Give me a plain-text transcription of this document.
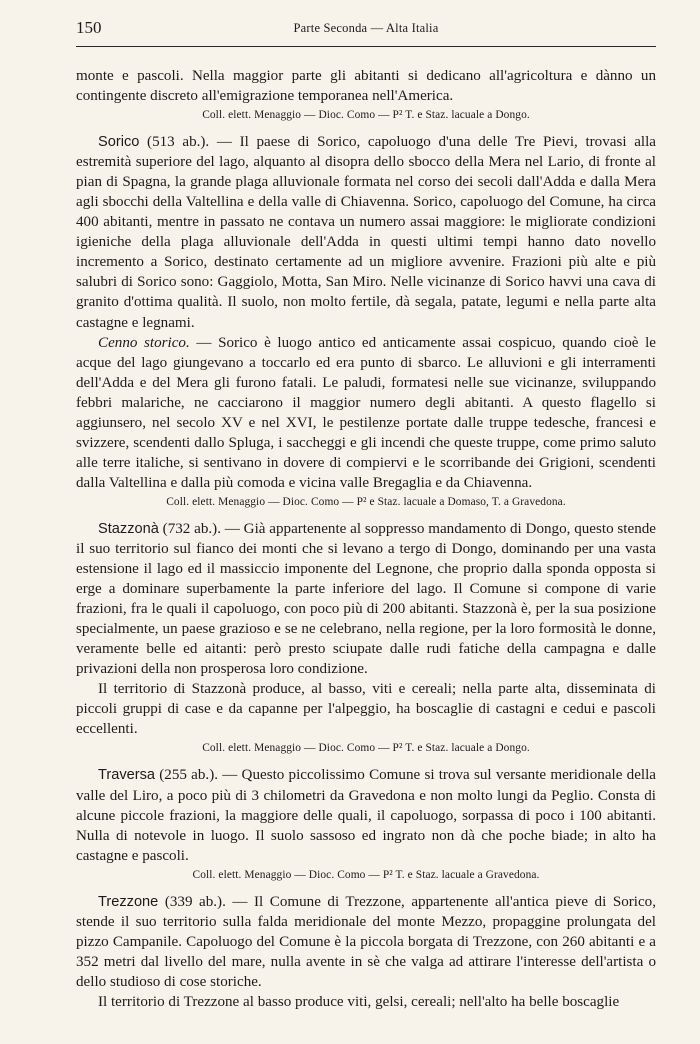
150	Parte Seconda — Alta Italia

monte e pascoli. Nella maggior parte gli abitanti si dedicano all'agricoltura e dànno un contingente discreto all'emigrazione temporanea nell'America.

Coll. elett. Menaggio — Dioc. Como — P² T. e Staz. lacuale a Dongo.

Sorico (513 ab.). — Il paese di Sorico, capoluogo d'una delle Tre Pievi, trovasi alla estremità superiore del lago, alquanto al disopra dello sbocco della Mera nel Lario, di fronte al pian di Spagna, la grande plaga alluvionale formata nel corso dei secoli dall'Adda e dalla Mera agli sbocchi della Valtellina e della valle di Chiavenna. Sorico, capoluogo del Comune, ha circa 400 abitanti, mentre in passato ne contava un numero assai maggiore: le migliorate condizioni igieniche della plaga alluvionale dell'Adda in questi ultimi tempi hanno dato novello incremento a Sorico, destinato certamente ad un migliore avvenire. Frazioni più alte e più salubri di Sorico sono: Gaggiolo, Motta, San Miro. Nelle vicinanze di Sorico havvi una cava di granito d'ottima qualità. Il suolo, non molto fertile, dà segala, patate, legumi e nella parte alta castagne e legnami.

Cenno storico. — Sorico è luogo antico ed anticamente assai cospicuo, quando cioè le acque del lago giungevano a toccarlo ed era punto di sbarco. Le alluvioni e gli interramenti dell'Adda e del Mera gli furono fatali. Le paludi, formatesi nelle sue vicinanze, sviluppando febbri malariche, ne cacciarono il maggior numero degli abitanti. A questo flagello si aggiunsero, nel secolo XV e nel XVI, le pestilenze portate dalle truppe tedesche, francesi e svizzere, scendenti dallo Spluga, i saccheggi e gli incendi che queste truppe, come primo saluto alle terre italiche, si sentivano in dovere di compiervi e le scorribande dei Grigioni, scendenti dalla Valtellina e dalla più comoda e vicina valle Bregaglia e da Chiavenna.

Coll. elett. Menaggio — Dioc. Como — P² e Staz. lacuale a Domaso, T. a Gravedona.

Stazzonà (732 ab.). — Già appartenente al soppresso mandamento di Dongo, questo stende il suo territorio sul fianco dei monti che si levano a tergo di Dongo, dominando per una vasta estensione il lago ed il massiccio imponente del Legnone, che proprio dalla sponda opposta si erge a dominare superbamente la parte inferiore del lago. Il Comune si compone di varie frazioni, fra le quali il capoluogo, con poco più di 200 abitanti. Stazzonà è, per la sua posizione specialmente, un paese grazioso e se ne celebrano, nella regione, per la loro formosità le donne, veramente belle ed aitanti: però presto sciupate dalle rudi fatiche della campagna e dalle privazioni della non prosperosa loro condizione.

Il territorio di Stazzonà produce, al basso, viti e cereali; nella parte alta, disseminata di piccoli gruppi di case e da capanne per l'alpeggio, ha boscaglie di castagni e cedui e pascoli eccellenti.

Coll. elett. Menaggio — Dioc. Como — P² T. e Staz. lacuale a Dongo.

Traversa (255 ab.). — Questo piccolissimo Comune si trova sul versante meridionale della valle del Liro, a poco più di 3 chilometri da Gravedona e non molto lungi da Peglio. Consta di alcune piccole frazioni, la maggiore delle quali, il capoluogo, sorpassa di poco i 100 abitanti. Nulla di notevole in luogo. Il suolo sassoso ed ingrato non dà che poche biade; in alto ha castagne e pascoli.

Coll. elett. Menaggio — Dioc. Como — P² T. e Staz. lacuale a Gravedona.

Trezzone (339 ab.). — Il Comune di Trezzone, appartenente all'antica pieve di Sorico, stende il suo territorio sulla falda meridionale del monte Mezzo, propaggine prolungata del pizzo Campanile. Capoluogo del Comune è la piccola borgata di Trezzone, con 260 abitanti e a 352 metri dal livello del mare, nulla avente in sè che valga ad attirare l'interesse dell'artista o dello studioso di cose storiche.

Il territorio di Trezzone al basso produce viti, gelsi, cereali; nell'alto ha belle boscaglie
